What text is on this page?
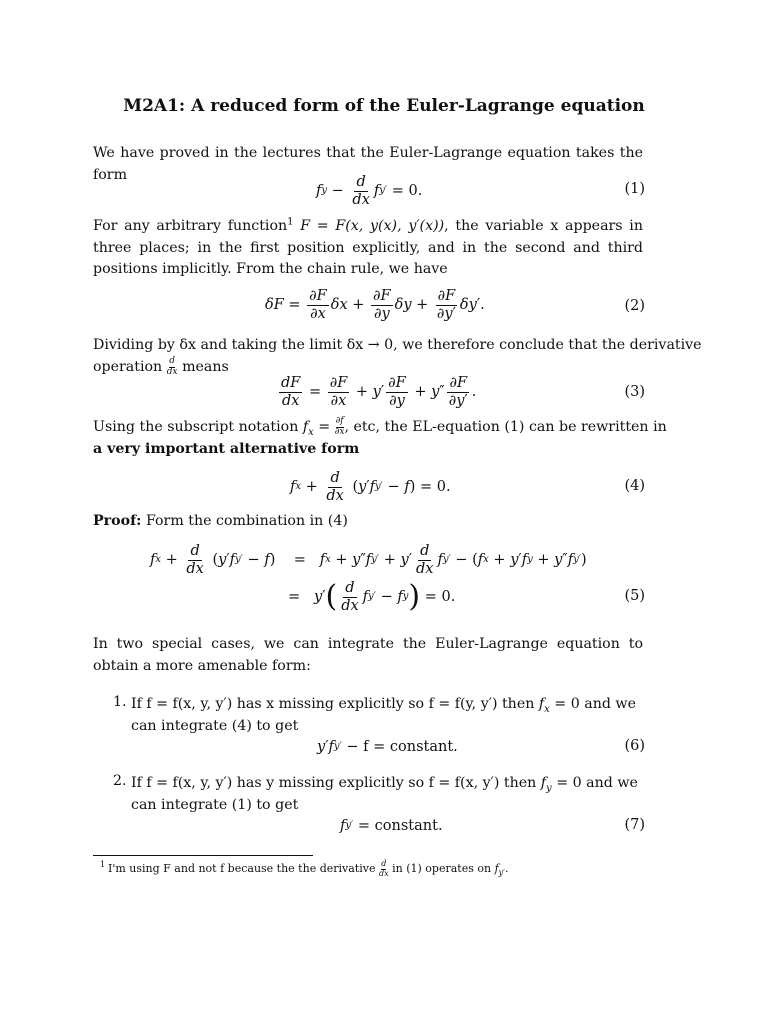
M2A1: A reduced form of the Euler-Lagrange equation

We have proved in the lectures that the Euler-Lagrange equation takes the form

f $y - \frac{d}{dx}$ f y′ = 0.	(1)

For any arbitrary function$^1$ F = F(x, y(x), y′(x)), the variable x appears in three places; in the first position explicitly, and in the second and third positions implicitly. From the chain rule, we have

$\delta F = \frac{\partial F}{\partial x}$ $\delta x + \frac{\partial F}{\partial y}$ $\delta y + \frac{\partial F}{\partial y'}$ δy ′.	(2)
Dividing by δx and taking the limit δx → 0, we therefore conclude that the derivative
operation $\frac{d}{dx}$ means
$\frac{dF}{dx} = \frac{\partial F}{\partial x} + y$ ′ $\frac{\partial F}{\partial y} + y$ ″ $\frac{\partial F}{\partial y'}$ .	(3)
Using the subscript notation $f_x = \frac{\partial f}{\partial x}$ , etc, the EL-equation (1) can be rewritten in
a very important alternative form
f $x + \frac{d}{dx}$ ( y ′ f y′ − f ) = 0.	(4)
Proof: Form the combination in (4)
f $x + \frac{d}{dx}$ ( y ′ f y′ − f )    = f x + y ″ f y′ + y ′ $\frac{d}{dx}$ f y′ − ( f x + y ′ f y + y ″ f y′ )
= y ′ ( $\frac{d}{dx}$ f y′ − f y ) = 0.	(5)

In two special cases, we can integrate the Euler-Lagrange equation to obtain a more amenable form:

1. If f = f(x, y, y′) has x missing explicitly so f = f(y, y′) then $f_x = 0$ and we
can integrate (4) to get
y′f y′
− f = constant.	(6)
2. If f = f(x, y, y′) has y missing explicitly so f = f(x, y′) then $f_y = 0$ and we
can integrate (1) to get
f y′
= constant.	(7)
1 I'm using F and not f because the the derivative $\frac{d}{dx}$ in (1) operates on $f_{y'}$.
